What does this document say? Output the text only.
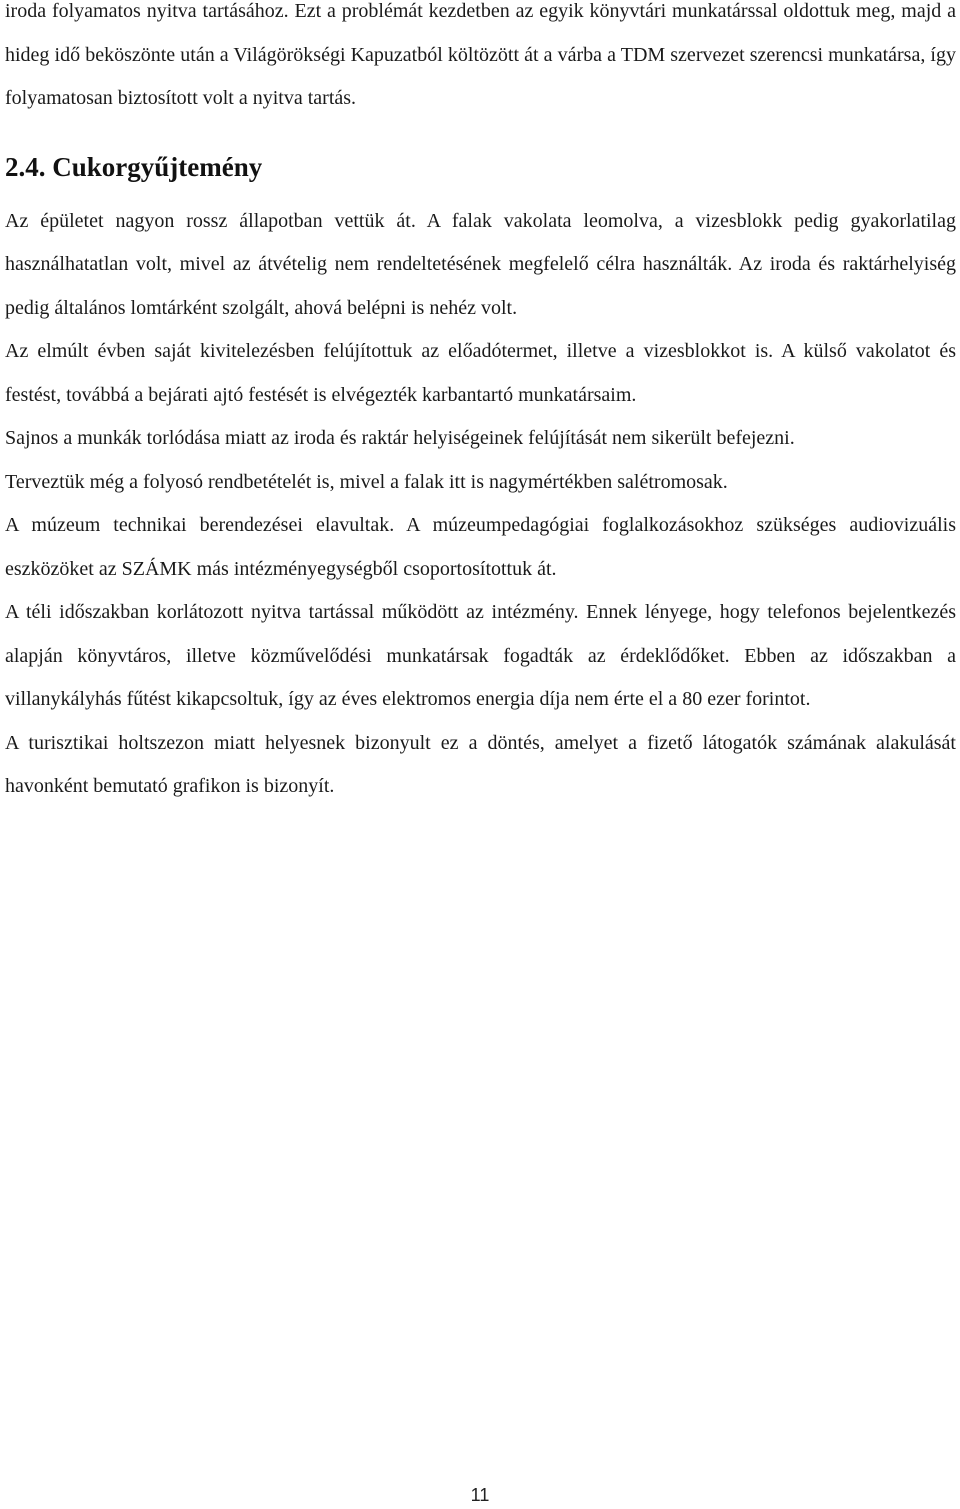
iroda folyamatos nyitva tartásához. Ezt a problémát kezdetben az egyik könyvtári munkatárssal oldottuk meg, majd a hideg idő beköszönte után a Világörökségi Kapuzatból költözött át a várba a TDM szervezet szerencsi munkatársa, így folyamatosan biztosított volt a nyitva tartás.

2.4. Cukorgyűjtemény

Az épületet nagyon rossz állapotban vettük át. A falak vakolata leomolva, a vizesblokk pedig gyakorlatilag használhatatlan volt, mivel az átvételig nem rendeltetésének megfelelő célra használták. Az iroda és raktárhelyiség pedig általános lomtárként szolgált, ahová belépni is nehéz volt.

Az elmúlt évben saját kivitelezésben felújítottuk az előadótermet, illetve a vizesblokkot is. A külső vakolatot és festést, továbbá a bejárati ajtó festését is elvégezték karbantartó munkatársaim.

Sajnos a munkák torlódása miatt az iroda és raktár helyiségeinek felújítását nem sikerült befejezni.

Terveztük még a folyosó rendbetételét is, mivel a falak itt is nagymértékben salétromosak.

A múzeum technikai berendezései elavultak. A múzeumpedagógiai foglalkozásokhoz szükséges audiovizuális eszközöket az SZÁMK más intézményegységből csoportosítottuk át.

A téli időszakban korlátozott nyitva tartással működött az intézmény. Ennek lényege, hogy telefonos bejelentkezés alapján könyvtáros, illetve közművelődési munkatársak fogadták az érdeklődőket. Ebben az időszakban a villanykályhás fűtést kikapcsoltuk, így az éves elektromos energia díja nem érte el a 80 ezer forintot.

A turisztikai holtszezon miatt helyesnek bizonyult ez a döntés, amelyet a fizető látogatók számának alakulását havonként bemutató grafikon is bizonyít.

11
